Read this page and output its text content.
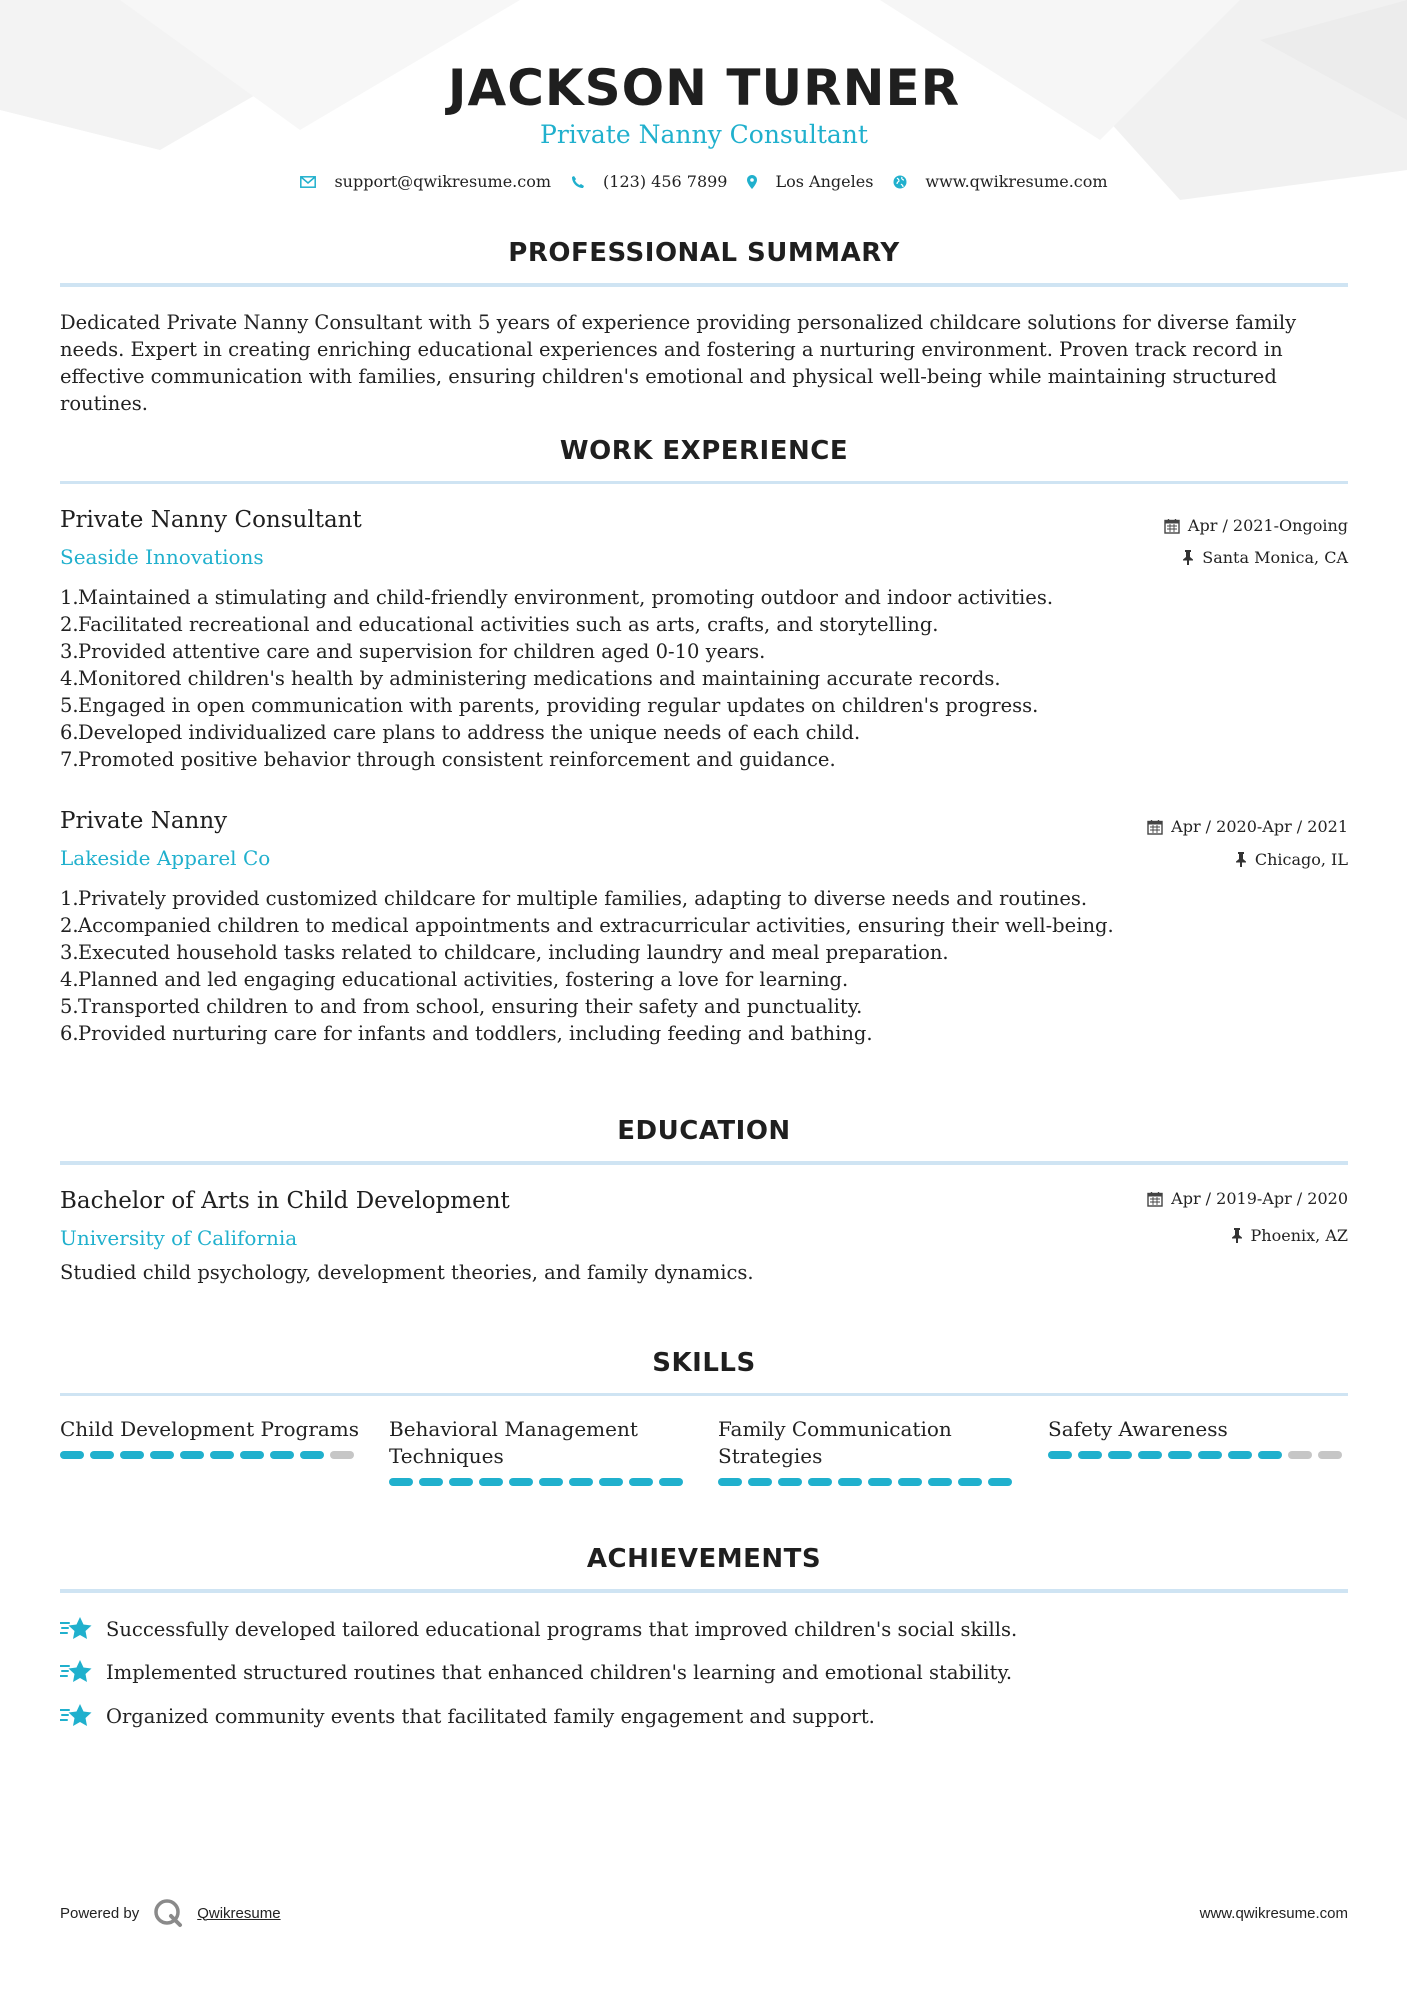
JACKSON TURNER
Private Nanny Consultant
support@qwikresume.com	(123) 456 7899	Los Angeles	www.qwikresume.com
PROFESSIONAL SUMMARY

Dedicated Private Nanny Consultant with 5 years of experience providing personalized childcare solutions for diverse family needs. Expert in creating enriching educational experiences and fostering a nurturing environment. Proven track record in effective communication with families, ensuring children's emotional and physical well-being while maintaining structured routines.

WORK EXPERIENCE
Private Nanny Consultant
Seaside Innovations
Apr / 2021-Ongoing
Santa Monica, CA
1. Maintained a stimulating and child-friendly environment, promoting outdoor and indoor activities.
2. Facilitated recreational and educational activities such as arts, crafts, and storytelling.
3. Provided attentive care and supervision for children aged 0-10 years.
4. Monitored children's health by administering medications and maintaining accurate records.
5. Engaged in open communication with parents, providing regular updates on children's progress.
6. Developed individualized care plans to address the unique needs of each child.
7. Promoted positive behavior through consistent reinforcement and guidance.
Private Nanny
Lakeside Apparel Co
Apr / 2020-Apr / 2021
Chicago, IL
1. Privately provided customized childcare for multiple families, adapting to diverse needs and routines.
2. Accompanied children to medical appointments and extracurricular activities, ensuring their well-being.
3. Executed household tasks related to childcare, including laundry and meal preparation.
4. Planned and led engaging educational activities, fostering a love for learning.
5. Transported children to and from school, ensuring their safety and punctuality.
6. Provided nurturing care for infants and toddlers, including feeding and bathing.
EDUCATION
Bachelor of Arts in Child Development
University of California
Apr / 2019-Apr / 2020
Phoenix, AZ

Studied child psychology, development theories, and family dynamics.

SKILLS
Child Development Programs Behavioral Management Techniques
Family Communication Strategies
Safety Awareness
ACHIEVEMENTS
Successfully developed tailored educational programs that improved children's social skills.
Implemented structured routines that enhanced children's learning and emotional stability.
Organized community events that facilitated family engagement and support.
Powered by	Qwikresume	www.qwikresume.com
